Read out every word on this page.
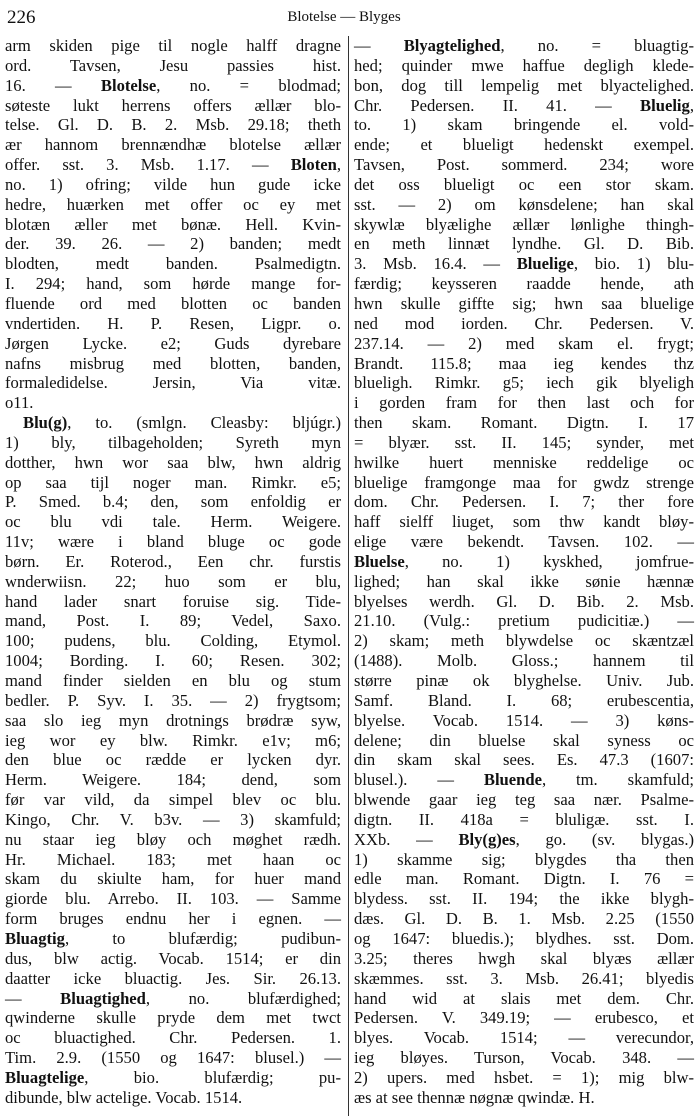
226	Blotelse — Blyges
arm skiden pige til nogle halff dragne
ord. Tavsen, Jesu passies hist.
16. — Blotelse, no. = blodmad;
søteste lukt herrens offers ællær blo-
telse. Gl. D. B. 2. Msb. 29.18; theth
ær hannom brennændhæ blotelse ællær
offer. sst. 3. Msb. 1.17. — Bloten,
no. 1) ofring; vilde hun gude icke
hedre, huærken met offer oc ey met
blotæn æller met bønæ. Hell. Kvin-
der. 39. 26. — 2) banden; medt
blodten, medt banden. Psalmedigtn.
I. 294; hand, som hørde mange for-
fluende ord med blotten oc banden
vndertiden. H. P. Resen, Ligpr. o.
Jørgen Lycke. e2; Guds dyrebare
nafns misbrug med blotten, banden,
formaledidelse. Jersin, Via vitæ.
o11.
Blu(g), to. (smlgn. Cleasby: bljúgr.)
1) bly, tilbageholden; Syreth myn
dotther, hwn wor saa blw, hwn aldrig
op saa tijl noger man. Rimkr. e5;
P. Smed. b.4; den, som enfoldig er
oc blu vdi tale. Herm. Weigere.
11v; wære i bland bluge oc gode
børn. Er. Roterod., Een chr. furstis
wnderwiisn. 22; huo som er blu,
hand lader snart foruise sig. Tide-
mand, Post. I. 89; Vedel, Saxo.
100; pudens, blu. Colding, Etymol.
1004; Bording. I. 60; Resen. 302;
mand finder sielden en blu og stum
bedler. P. Syv. I. 35. — 2) frygtsom;
saa slo ieg myn drotnings brødræ syw,
ieg wor ey blw. Rimkr. e1v; m6;
den blue oc rædde er lycken dyr.
Herm. Weigere. 184; dend, som
før var vild, da simpel blev oc blu.
Kingo, Chr. V. b3v. — 3) skamfuld;
nu staar ieg bløy och møghet rædh.
Hr. Michael. 183; met haan oc
skam du skiulte ham, for huer mand
giorde blu. Arrebo. II. 103. — Samme
form bruges endnu her i egnen. —
Bluagtig, to blufærdig; pudibun-
dus, blw actig. Vocab. 1514; er din
daatter icke bluactig. Jes. Sir. 26.13.
— Bluagtighed, no. blufærdighed;
qwinderne skulle pryde dem met twct
oc bluactighed. Chr. Pedersen. 1.
Tim. 2.9. (1550 og 1647: blusel.) —
Bluagtelige, bio. blufærdig; pu-
dibunde, blw actelige. Vocab. 1514.
— Blyagtelighed, no. = bluagtig-
hed; quinder mwe haffue degligh klede-
bon, dog till lempelig met blyactelighed.
Chr. Pedersen. II. 41. — Bluelig,
to. 1) skam bringende el. vold-
ende; et blueligt hedenskt exempel.
Tavsen, Post. sommerd. 234; wore
det oss blueligt oc een stor skam.
sst. — 2) om kønsdelene; han skal
skywlæ blyælighe ællær lønlighe thingh-
en meth linnæt lyndhe. Gl. D. Bib.
3. Msb. 16.4. — Bluelige, bio. 1) blu-
færdig; keysseren raadde hende, ath
hwn skulle giffte sig; hwn saa bluelige
ned mod iorden. Chr. Pedersen. V.
237.14. — 2) med skam el. frygt;
Brandt. 115.8; maa ieg kendes thz
blueligh. Rimkr. g5; iech gik blyeligh
i gorden fram for then last och for
then skam. Romant. Digtn. I. 17
= blyær. sst. II. 145; synder, met
hwilke huert menniske reddelige oc
bluelige framgonge maa for gwdz strenge
dom. Chr. Pedersen. I. 7; ther fore
haff sielff liuget, som thw kandt bløy-
elige være bekendt. Tavsen. 102. —
Bluelse, no. 1) kyskhed, jomfrue-
lighed; han skal ikke sønie hænnæ
blyelses werdh. Gl. D. Bib. 2. Msb.
21.10. (Vulg.: pretium pudicitiæ.) —
2) skam; meth blywdelse oc skæntzæl
(1488). Molb. Gloss.; hannem til
større pinæ ok blyghelse. Univ. Jub.
Samf. Bland. I. 68; erubescentia,
blyelse. Vocab. 1514. — 3) køns-
delene; din bluelse skal syness oc
din skam skal sees. Es. 47.3 (1607:
blusel.). — Bluende, tm. skamfuld;
blwende gaar ieg teg saa nær. Psalme-
digtn. II. 418a = bluligæ. sst. I.
XXb. — Bly(g)es, go. (sv. blygas.)
1) skamme sig; blygdes tha then
edle man. Romant. Digtn. I. 76 =
blydess. sst. II. 194; the ikke blygh-
dæs. Gl. D. B. 1. Msb. 2.25 (1550
og 1647: bluedis.); blydhes. sst. Dom.
3.25; theres hwgh skal blyæs ællær
skæmmes. sst. 3. Msb. 26.41; blyedis
hand wid at slais met dem. Chr.
Pedersen. V. 349.19; — erubesco, et
blyes. Vocab. 1514; — verecundor,
ieg bløyes. Turson, Vocab. 348. —
2) upers. med hsbet. = 1); mig blw-
æs at see thennæ nøgnæ qwindæ. H.
